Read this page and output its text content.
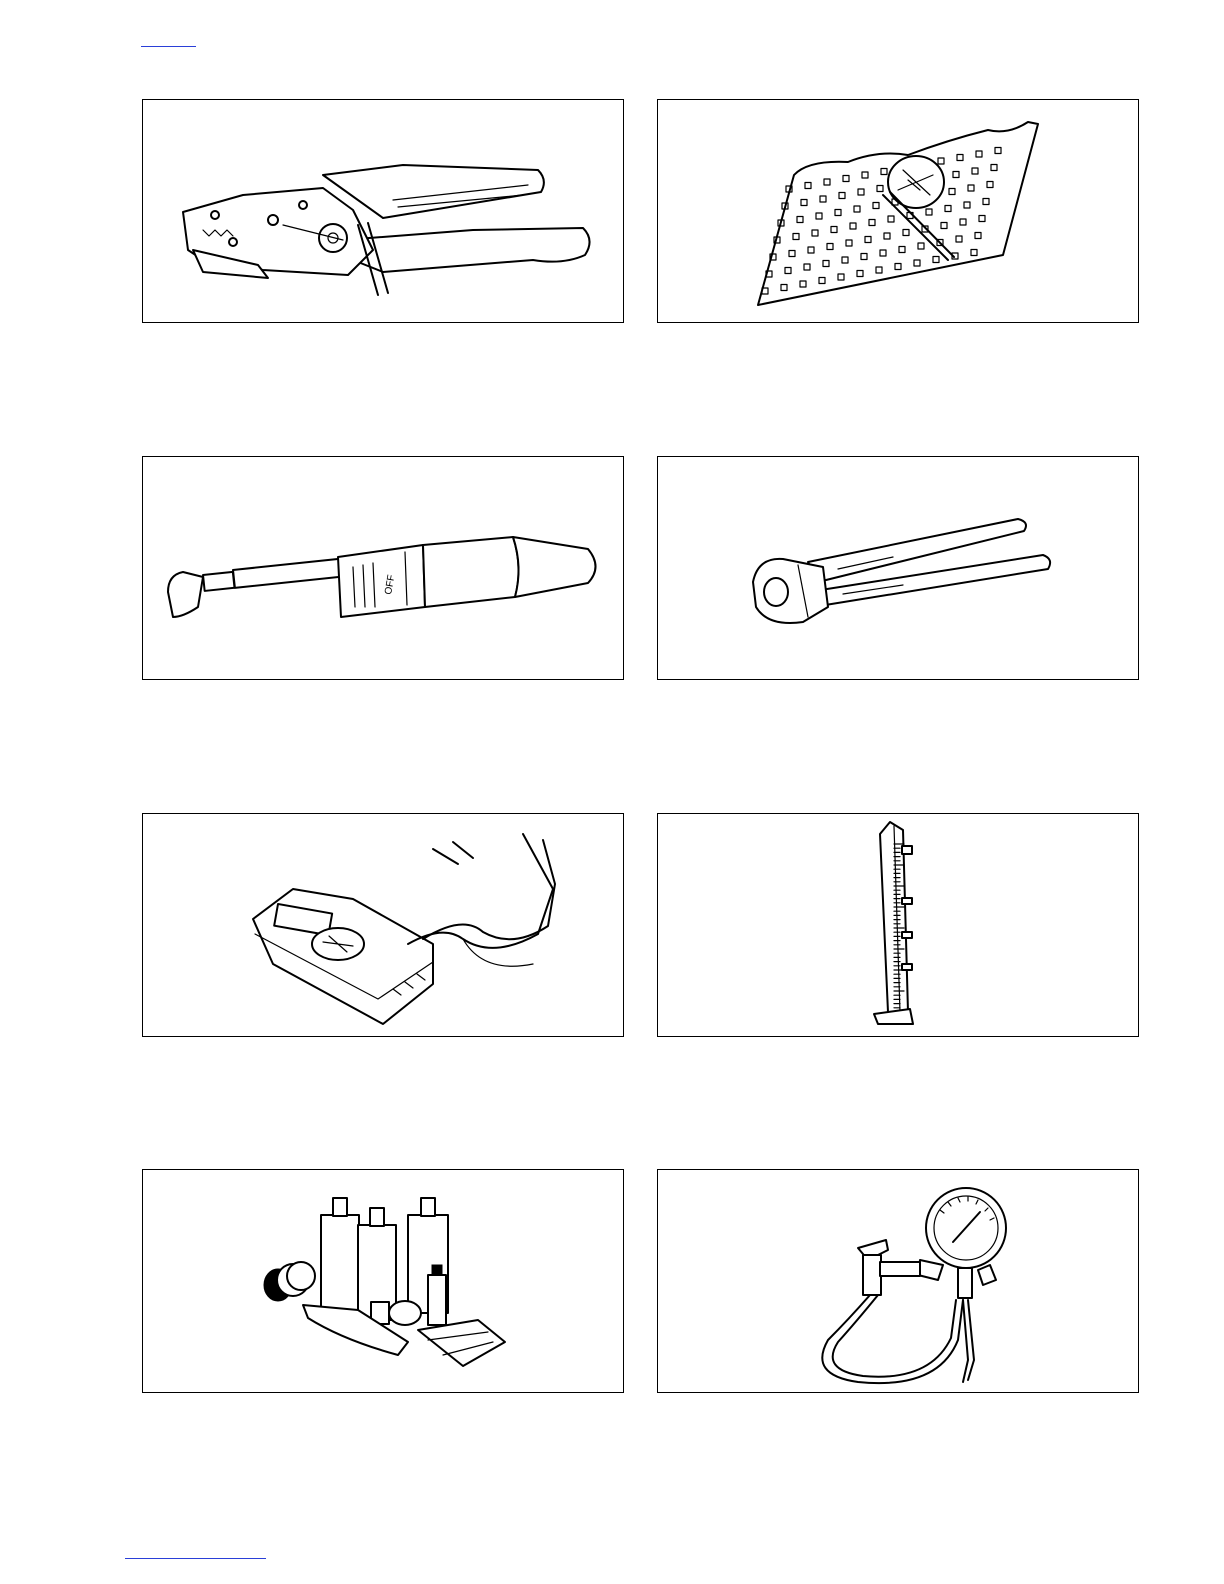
OFF
